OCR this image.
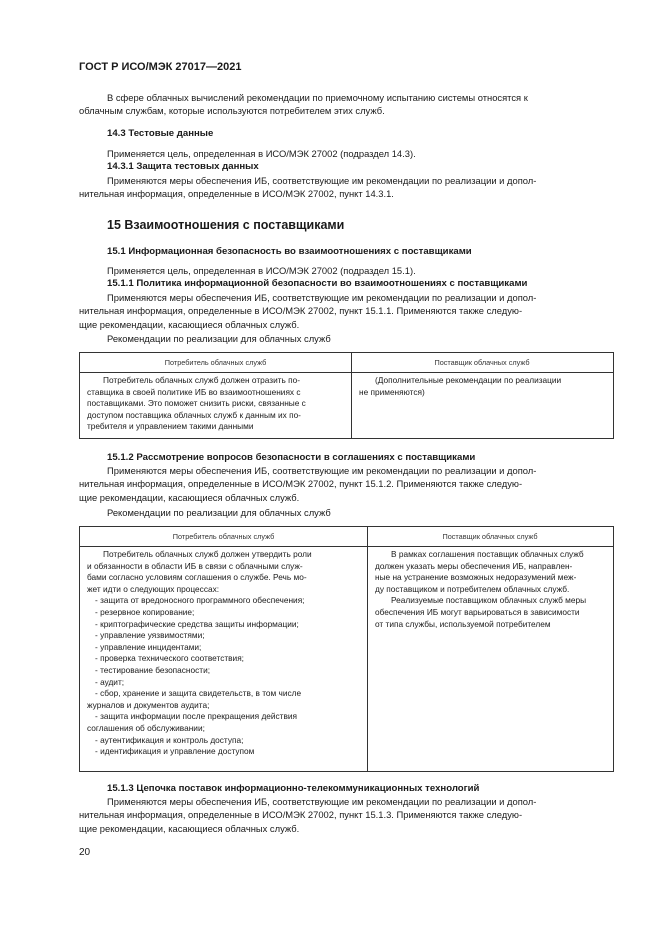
ГОСТ Р ИСО/МЭК 27017—2021
В сфере облачных вычислений рекомендации по приемочному испытанию системы относятся к
облачным службам, которые используются потребителем этих служб.
14.3 Тестовые данные
Применяется цель, определенная в ИСО/МЭК 27002 (подраздел 14.3).
14.3.1 Защита тестовых данных
Применяются меры обеспечения ИБ, соответствующие им рекомендации по реализации и допол-
нительная информация, определенные в ИСО/МЭК 27002, пункт 14.3.1.
15 Взаимоотношения с поставщиками
15.1 Информационная безопасность во взаимоотношениях с поставщиками
Применяется цель, определенная в ИСО/МЭК 27002 (подраздел 15.1).
15.1.1 Политика информационной безопасности во взаимоотношениях с поставщиками
Применяются меры обеспечения ИБ, соответствующие им рекомендации по реализации и допол-
нительная информация, определенные в ИСО/МЭК 27002, пункт 15.1.1. Применяются также следую-
щие рекомендации, касающиеся облачных служб.
Рекомендации по реализации для облачных служб
Потребитель облачных служб	Поставщик облачных служб
Потребитель облачных служб должен отразить по-
ставщика в своей политике ИБ во взаимоотношениях с
поставщиками. Это поможет снизить риски, связанные с
доступом поставщика облачных служб к данным их по-
требителя и управлением такими данными
(Дополнительные рекомендации по реализации
не применяются)
15.1.2 Рассмотрение вопросов безопасности в соглашениях с поставщиками
Применяются меры обеспечения ИБ, соответствующие им рекомендации по реализации и допол-
нительная информация, определенные в ИСО/МЭК 27002, пункт 15.1.2. Применяются также следую-
щие рекомендации, касающиеся облачных служб.
Рекомендации по реализации для облачных служб
Потребитель облачных служб	Поставщик облачных служб
Потребитель облачных служб должен утвердить роли
и обязанности в области ИБ в связи с облачными служ-
бами согласно условиям соглашения о службе. Речь мо-
жет идти о следующих процессах:
- защита от вредоносного программного обеспечения;
- резервное копирование;
- криптографические средства защиты информации;
- управление уязвимостями;
- управление инцидентами;
- проверка технического соответствия;
- тестирование безопасности;
- аудит;
- сбор, хранение и защита свидетельств, в том числе
журналов и документов аудита;
- защита информации после прекращения действия
соглашения об обслуживании;
- аутентификация и контроль доступа;
- идентификация и управление доступом
В рамках соглашения поставщик облачных служб
должен указать меры обеспечения ИБ, направлен-
ные на устранение возможных недоразумений меж-
ду поставщиком и потребителем облачных служб.
Реализуемые поставщиком облачных служб меры
обеспечения ИБ могут варьироваться в зависимости
от типа службы, используемой потребителем
15.1.3 Цепочка поставок информационно-телекоммуникационных технологий
Применяются меры обеспечения ИБ, соответствующие им рекомендации по реализации и допол-
нительная информация, определенные в ИСО/МЭК 27002, пункт 15.1.3. Применяются также следую-
щие рекомендации, касающиеся облачных служб.
20
